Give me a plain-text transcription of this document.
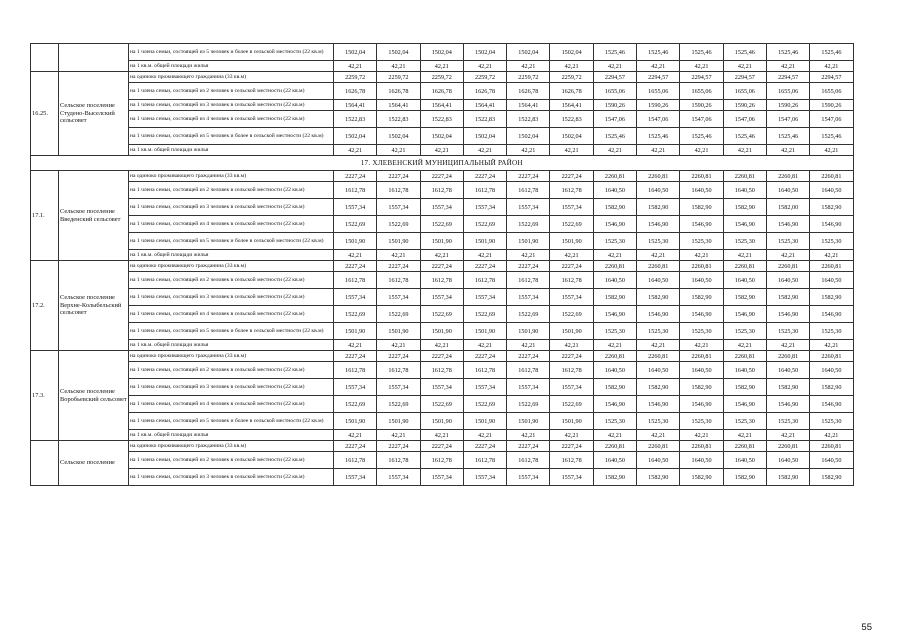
		на 1 члена семьи, состоящей из 5 человек и более в сельской местности (22 кв.м)	1502,04	1502,04	1502,04	1502,04	1502,04	1502,04	1525,46	1525,46	1525,46	1525,46	1525,46	1525,46
		на 1 кв.м. общей площади жилья	42,21	42,21	42,21	42,21	42,21	42,21	42,21	42,21	42,21	42,21	42,21	42,21
16.25.	Сельское поселение Студено-Выселский сельсовет	на одиноко проживающего гражданина (33 кв.м)	2259,72	2259,72	2259,72	2259,72	2259,72	2259,72	2294,57	2294,57	2294,57	2294,57	2294,57	2294,57
		на 1 члена семьи, состоящей из 2 человек в сельской местности (22 кв.м)	1626,78	1626,78	1626,78	1626,78	1626,78	1626,78	1655,06	1655,06	1655,06	1655,06	1655,06	1655,06
		на 1 члена семьи, состоящей из 3 человек в сельской местности (22 кв.м)	1564,41	1564,41	1564,41	1564,41	1564,41	1564,41	1590,26	1590,26	1590,26	1590,26	1590,26	1590,26
		на 1 члена семьи, состоящей из 4 человек в сельской местности (22 кв.м)	1522,83	1522,83	1522,83	1522,83	1522,83	1522,83	1547,06	1547,06	1547,06	1547,06	1547,06	1547,06
		на 1 члена семьи, состоящей из 5 человек и более в сельской местности (22 кв.м)	1502,04	1502,04	1502,04	1502,04	1502,04	1502,04	1525,46	1525,46	1525,46	1525,46	1525,46	1525,46
		на 1 кв.м. общей площади жилья	42,21	42,21	42,21	42,21	42,21	42,21	42,21	42,21	42,21	42,21	42,21	42,21
17. ХЛЕВЕНСКИЙ МУНИЦИПАЛЬНЫЙ РАЙОН														
17.1.	Сельское поселение Введенский сельсовет	на одиноко проживающего гражданина (33 кв.м)	2227,24	2227,24	2227,24	2227,24	2227,24	2227,24	2260,81	2260,81	2260,81	2260,81	2260,81	2260,81
		на 1 члена семьи, состоящей из 2 человек в сельской местности (22 кв.м)	1612,78	1612,78	1612,78	1612,78	1612,78	1612,78	1640,50	1640,50	1640,50	1640,50	1640,50	1640,50
		на 1 члена семьи, состоящей из 3 человек в сельской местности (22 кв.м)	1557,34	1557,34	1557,34	1557,34	1557,34	1557,34	1582,90	1582,90	1582,90	1582,90	1582,00	1582,90
		на 1 члена семьи, состоящей из 4 человек в сельской местности (22 кв.м)	1522,69	1522,69	1522,69	1522,69	1522,69	1522,69	1546,90	1546,90	1546,90	1546,90	1546,90	1546,90
		на 1 члена семьи, состоящей из 5 человек и более в сельской местности (22 кв.м)	1501,90	1501,90	1501,90	1501,90	1501,90	1501,90	1525,30	1525,30	1525,30	1525,30	1525,30	1525,30
		на 1 кв.м. общей площади жилья	42,21	42,21	42,21	42,21	42,21	42,21	42,21	42,21	42,21	42,21	42,21	42,21
17.2.	Сельское поселение Верхне-Колыбельский сельсовет	на одиноко проживающего гражданина (33 кв.м)	2227,24	2227,24	2227,24	2227,24	2227,24	2227,24	2260,81	2260,81	2260,81	2260,81	2260,81	2260,81
		на 1 члена семьи, состоящей из 2 человек в сельской местности (22 кв.м)	1612,78	1612,78	1612,78	1612,78	1612,78	1612,78	1640,50	1640,50	1640,50	1640,50	1640,50	1640,50
		на 1 члена семьи, состоящей из 3 человек в сельской местности (22 кв.м)	1557,34	1557,34	1557,34	1557,34	1557,34	1557,34	1582,90	1582,90	1582,90	1582,90	1582,90	1582,90
		на 1 члена семьи, состоящей из 4 человек в сельской местности (22 кв.м)	1522,69	1522,69	1522,69	1522,69	1522,69	1522,69	1546,90	1546,90	1546,90	1546,90	1546,90	1546,90
		на 1 члена семьи, состоящей из 5 человек и более в сельской местности (22 кв.м)	1501,90	1501,90	1501,90	1501,90	1501,90	1501,90	1525,30	1525,30	1525,30	1525,30	1525,30	1525,30
		на 1 кв.м. общей площади жилья	42,21	42,21	42,21	42,21	42,21	42,21	42,21	42,21	42,21	42,21	42,21	42,21
17.3.	Сельское поселение Воробьевский сельсовет	на одиноко проживающего гражданина (33 кв.м)	2227,24	2227,24	2227,24	2227,24	2227,24	2227,24	2260,81	2260,81	2260,81	2260,81	2260,81	2260,81
		на 1 члена семьи, состоящей из 2 человек в сельской местности (22 кв.м)	1612,78	1612,78	1612,78	1612,78	1612,78	1612,78	1640,50	1640,50	1640,50	1640,50	1640,50	1640,50
		на 1 члена семьи, состоящей из 3 человек в сельской местности (22 кв.м)	1557,34	1557,34	1557,34	1557,34	1557,34	1557,34	1582,90	1582,90	1582,90	1582,90	1582,90	1582,90
		на 1 члена семьи, состоящей из 4 человек в сельской местности (22 кв.м)	1522,69	1522,69	1522,69	1522,69	1522,69	1522,69	1546,90	1546,90	1546,90	1546,90	1546,90	1546,90
		на 1 члена семьи, состоящей из 5 человек и более в сельской местности (22 кв.м)	1501,90	1501,90	1501,90	1501,90	1501,90	1501,90	1525,30	1525,30	1525,30	1525,30	1525,30	1525,30
		на 1 кв.м. общей площади жилья	42,21	42,21	42,21	42,21	42,21	42,21	42,21	42,21	42,21	42,21	42,21	42,21
	Сельское поселение	на одиноко проживающего гражданина (33 кв.м)	2227,24	2227,24	2227,24	2227,24	2227,24	2227,24	2260,81	2260,81	2260,81	2260,81	2260,81	2260,81
		на 1 члена семьи, состоящей из 2 человек в сельской местности (22 кв.м)	1612,78	1612,78	1612,78	1612,78	1612,78	1612,78	1640,50	1640,50	1640,50	1640,50	1640,50	1640,50
		на 1 члена семьи, состоящей из 3 человек в сельской местности (22 кв.м)	1557,34	1557,34	1557,34	1557,34	1557,34	1557,34	1582,90	1582,90	1582,90	1582,90	1582,90	1582,90
55
